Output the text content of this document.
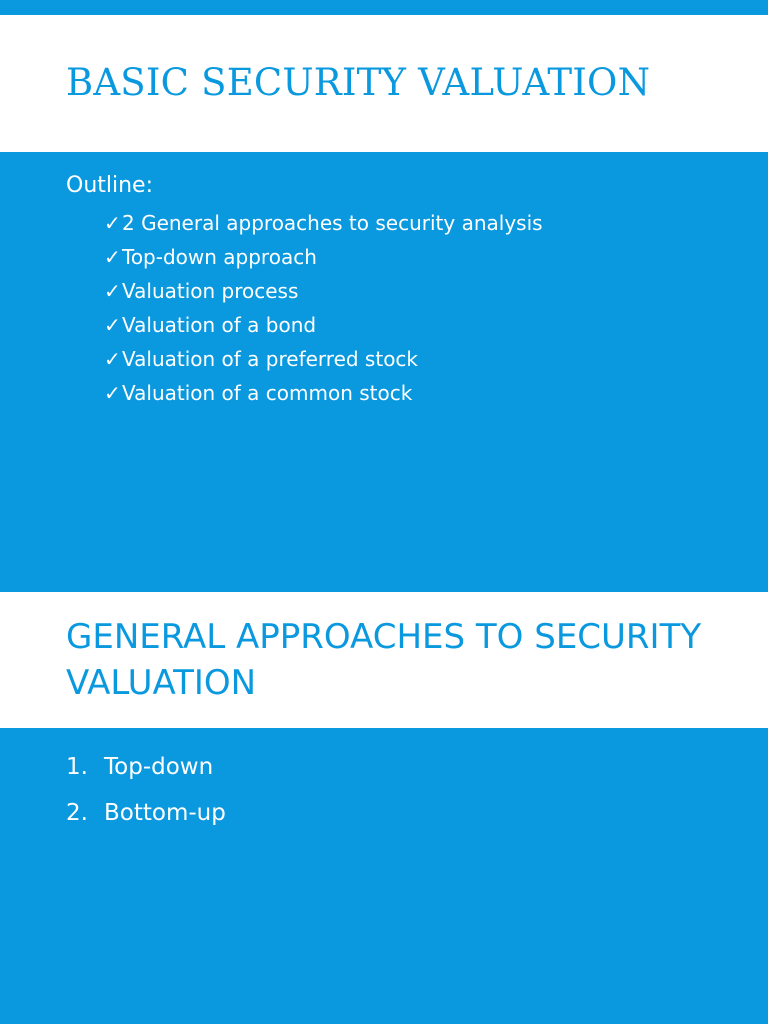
BASIC SECURITY VALUATION

Outline:

✓2 General approaches to security analysis
✓Top-down approach
✓Valuation process
✓Valuation of a bond
✓Valuation of a preferred stock
✓Valuation of a common stock
GENERAL APPROACHES TO SECURITY VALUATION
1. Top-down
2. Bottom-up
